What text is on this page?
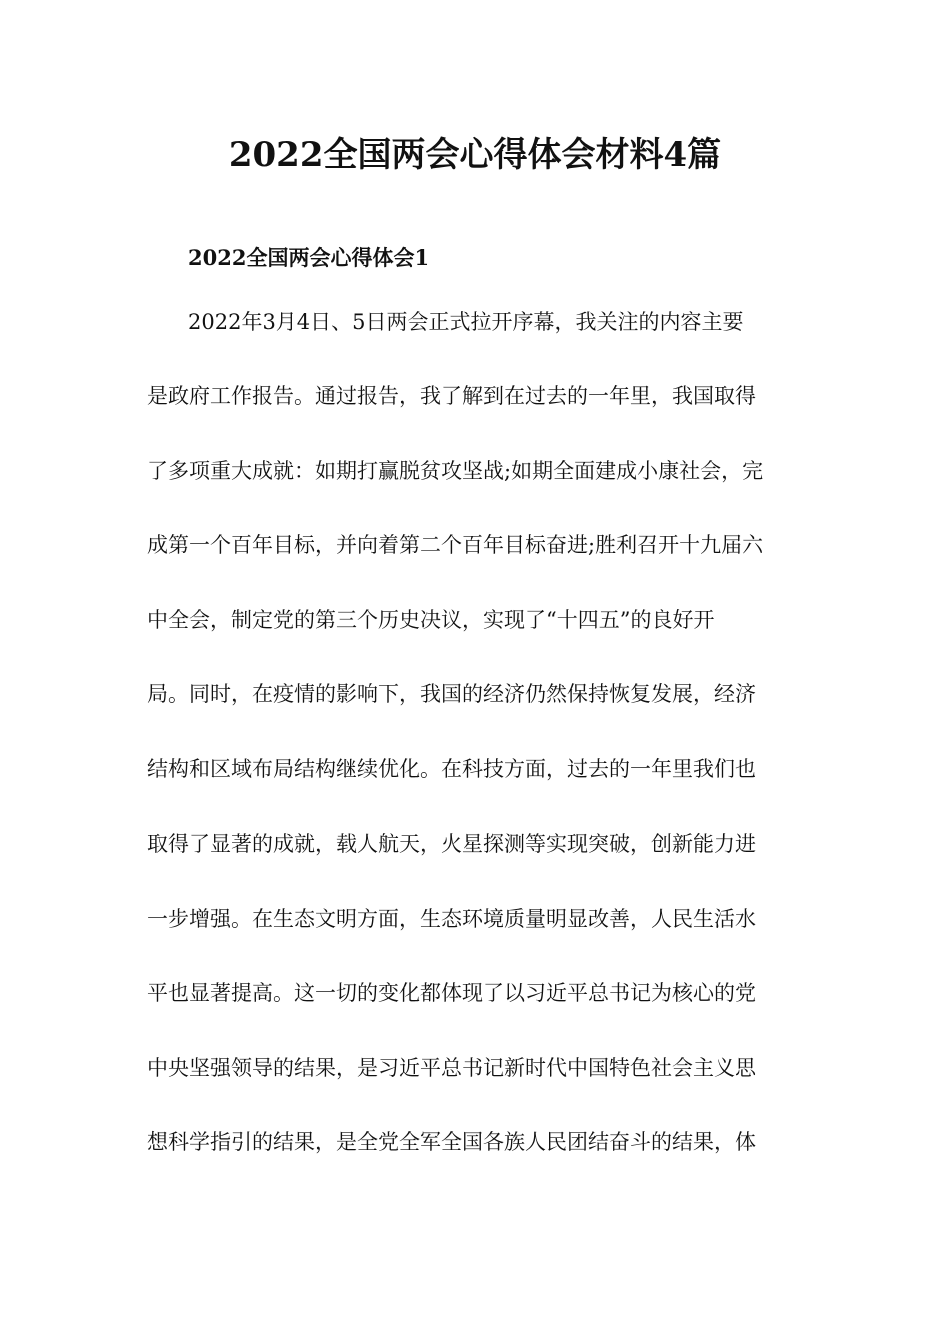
2022全国两会心得体会材料4篇
2022全国两会心得体会1
2022年3月4日、5日两会正式拉开序幕，我关注的内容主要
是政府工作报告。通过报告，我了解到在过去的一年里，我国取得
了多项重大成就：如期打赢脱贫攻坚战;如期全面建成小康社会，完
成第一个百年目标，并向着第二个百年目标奋进;胜利召开十九届六
中全会，制定党的第三个历史决议，实现了“十四五”的良好开
局。同时，在疫情的影响下，我国的经济仍然保持恢复发展，经济
结构和区域布局结构继续优化。在科技方面，过去的一年里我们也
取得了显著的成就，载人航天，火星探测等实现突破，创新能力进
一步增强。在生态文明方面，生态环境质量明显改善，人民生活水
平也显著提高。这一切的变化都体现了以习近平总书记为核心的党
中央坚强领导的结果，是习近平总书记新时代中国特色社会主义思
想科学指引的结果，是全党全军全国各族人民团结奋斗的结果，体
